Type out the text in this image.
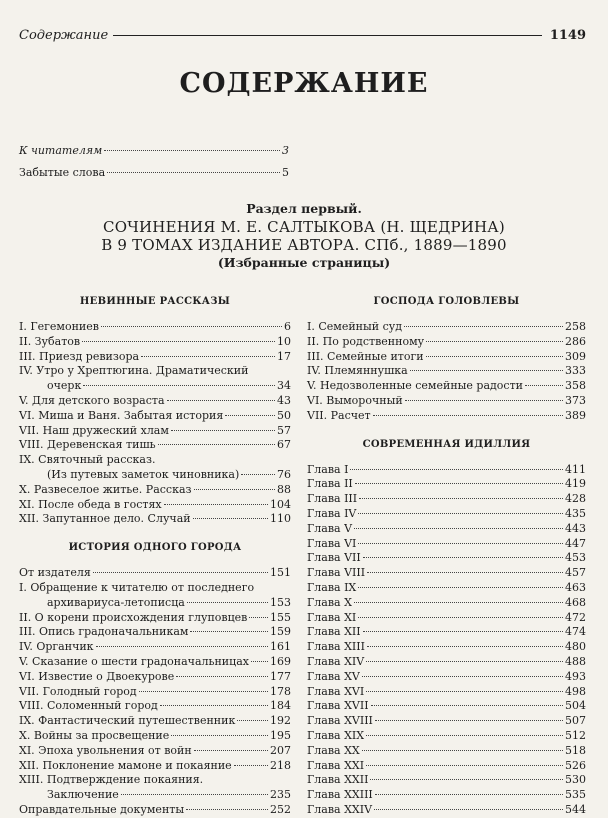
Содержание	1149
СОДЕРЖАНИЕ
К читателям	3
Забытые слова	5
Раздел первый.
СОЧИНЕНИЯ М. Е. САЛТЫКОВА (Н. ЩЕДРИНА)
В 9 ТОМАХ ИЗДАНИЕ АВТОРА. СПб., 1889—1890
(Избранные страницы)
НЕВИННЫЕ РАССКАЗЫ
I. Гегемониев	6
II. Зубатов	10
III. Приезд ревизора	17
IV. Утро у Хрептюгина. Драматический
очерк	34
V. Для детского возраста	43
VI. Миша и Ваня. Забытая история	50
VII. Наш дружеский хлам	57
VIII. Деревенская тишь	67
IX. Святочный рассказ.
(Из путевых заметок чиновника)	76
X. Развеселое житье. Рассказ	88
XI. После обеда в гостях	104
XII. Запутанное дело. Случай	110
ИСТОРИЯ ОДНОГО ГОРОДА
От издателя	151
I. Обращение к читателю от последнего
архивариуса-летописца	153
II. О корени происхождения глуповцев 155
III. Опись градоначальникам	159
IV. Органчик	161
V. Сказание о шести градоначальницах 169
VI. Известие о Двоекурове	177
VII. Голодный город	178
VIII. Соломенный город	184
IX. Фантастический путешественник	192
X. Войны за просвещение	195
XI. Эпоха увольнения от войн	207
XII. Поклонение мамоне и покаяние	218
XIII. Подтверждение покаяния.
Заключение	235
Оправдательные документы	252
ГОСПОДА ГОЛОВЛЕВЫ
I. Семейный суд	258
II. По родственному	286
III. Семейные итоги	309
IV. Племяннушка	333
V. Недозволенные семейные радости	358
VI. Выморочный	373
VII. Расчет	389
СОВРЕМЕННАЯ ИДИЛЛИЯ
Глава I	411
Глава II	419
Глава III	428
Глава IV	435
Глава V	443
Глава VI	447
Глава VII	453
Глава VIII	457
Глава IX	463
Глава X	468
Глава XI	472
Глава XII	474
Глава XIII	480
Глава XIV	488
Глава XV	493
Глава XVI	498
Глава XVII	504
Глава XVIII	507
Глава XIX	512
Глава XX	518
Глава XXI	526
Глава XXII	530
Глава XXIII	535
Глава XXIV	544
